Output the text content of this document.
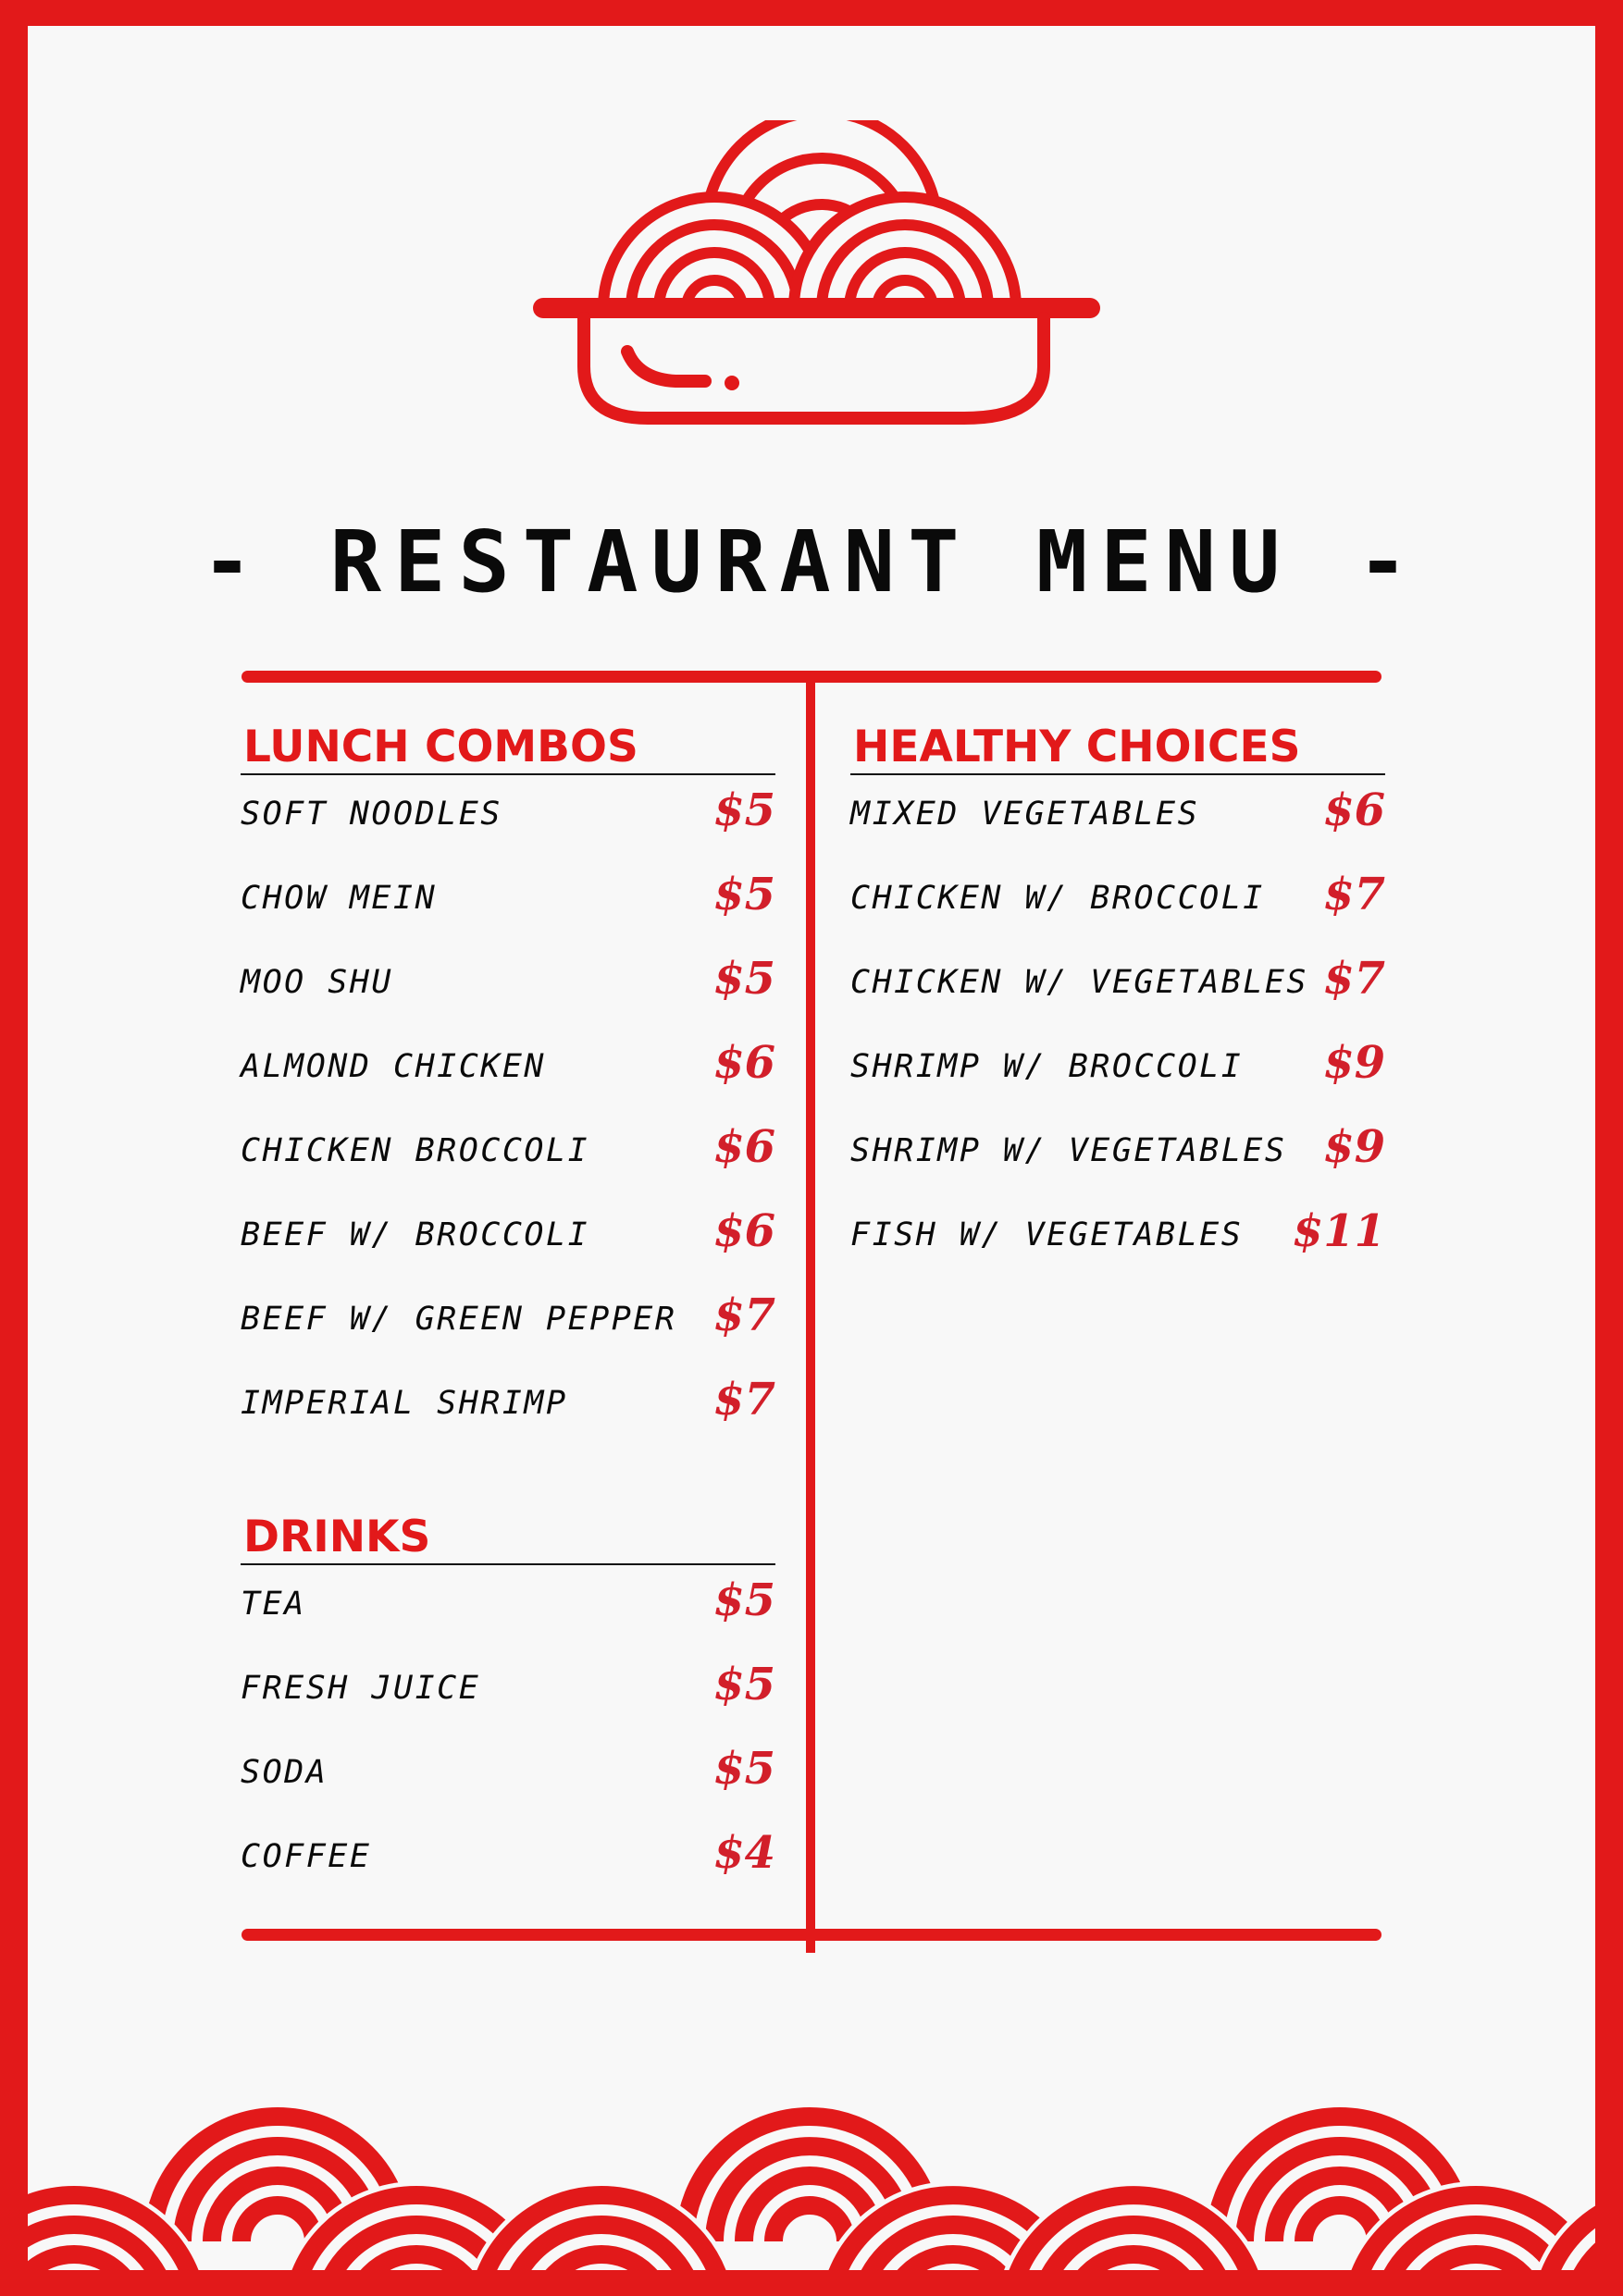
- RESTAURANT MENU -
LUNCH COMBOS
SOFT NOODLES	$5
CHOW MEIN	$5
MOO SHU	$5
ALMOND CHICKEN	$6
CHICKEN BROCCOLI	$6
BEEF W/ BROCCOLI	$6
BEEF W/ GREEN PEPPER $7
IMPERIAL SHRIMP	$7
DRINKS
TEA	$5
FRESH JUICE	$5
SODA	$5
COFFEE	$4
HEALTHY CHOICES
MIXED VEGETABLES	$6
CHICKEN W/ BROCCOLI $7
CHICKEN W/ VEGETABLES $7
SHRIMP W/ BROCCOLI $9
SHRIMP W/ VEGETABLES $9
FISH W/ VEGETABLES $11
